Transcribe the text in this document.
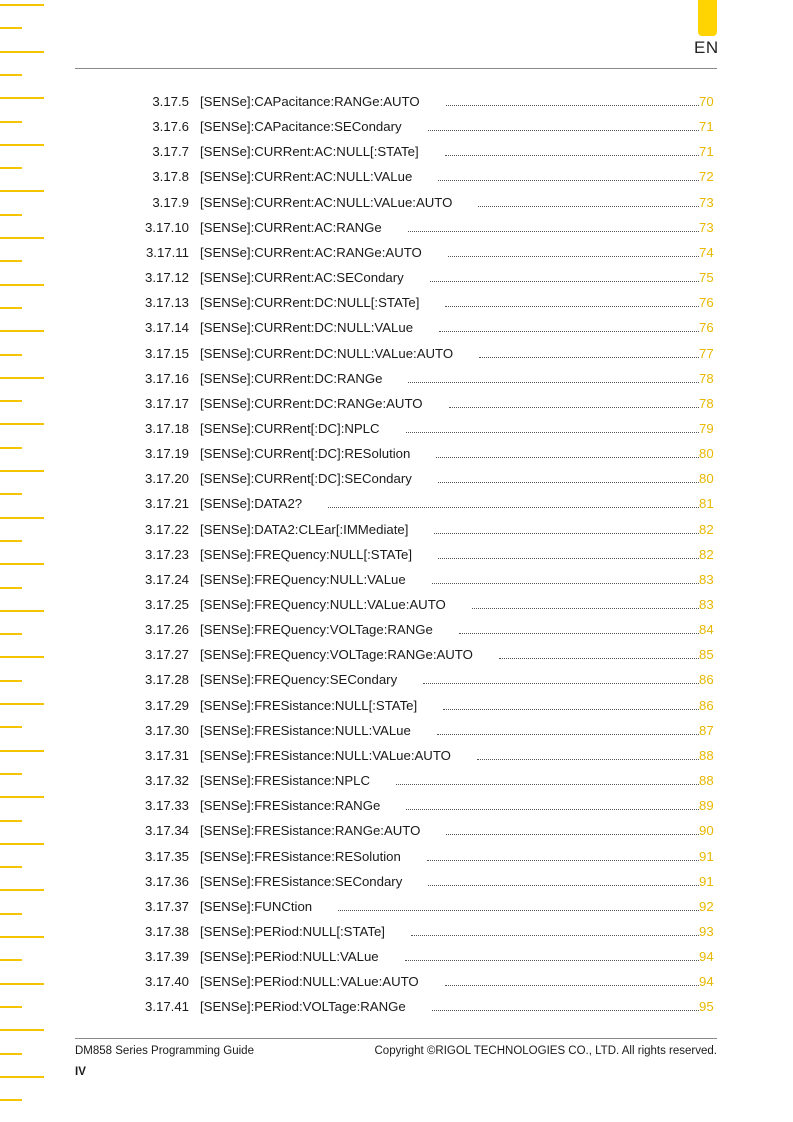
EN
3.17.5 [SENSe]:CAPacitance:RANGe:AUTO	70
3.17.6 [SENSe]:CAPacitance:SECondary	71
3.17.7 [SENSe]:CURRent:AC:NULL[:STATe]	71
3.17.8 [SENSe]:CURRent:AC:NULL:VALue	72
3.17.9 [SENSe]:CURRent:AC:NULL:VALue:AUTO	73
3.17.10 [SENSe]:CURRent:AC:RANGe	73
3.17.11 [SENSe]:CURRent:AC:RANGe:AUTO	74
3.17.12 [SENSe]:CURRent:AC:SECondary	75
3.17.13 [SENSe]:CURRent:DC:NULL[:STATe]	76
3.17.14 [SENSe]:CURRent:DC:NULL:VALue	76
3.17.15 [SENSe]:CURRent:DC:NULL:VALue:AUTO	77
3.17.16 [SENSe]:CURRent:DC:RANGe	78
3.17.17 [SENSe]:CURRent:DC:RANGe:AUTO	78
3.17.18 [SENSe]:CURRent[:DC]:NPLC	79
3.17.19 [SENSe]:CURRent[:DC]:RESolution	80
3.17.20 [SENSe]:CURRent[:DC]:SECondary	80
3.17.21 [SENSe]:DATA2?	81
3.17.22 [SENSe]:DATA2:CLEar[:IMMediate]	82
3.17.23 [SENSe]:FREQuency:NULL[:STATe]	82
3.17.24 [SENSe]:FREQuency:NULL:VALue	83
3.17.25 [SENSe]:FREQuency:NULL:VALue:AUTO	83
3.17.26 [SENSe]:FREQuency:VOLTage:RANGe	84
3.17.27 [SENSe]:FREQuency:VOLTage:RANGe:AUTO	85
3.17.28 [SENSe]:FREQuency:SECondary	86
3.17.29 [SENSe]:FRESistance:NULL[:STATe]	86
3.17.30 [SENSe]:FRESistance:NULL:VALue	87
3.17.31 [SENSe]:FRESistance:NULL:VALue:AUTO	88
3.17.32 [SENSe]:FRESistance:NPLC	88
3.17.33 [SENSe]:FRESistance:RANGe	89
3.17.34 [SENSe]:FRESistance:RANGe:AUTO	90
3.17.35 [SENSe]:FRESistance:RESolution	91
3.17.36 [SENSe]:FRESistance:SECondary	91
3.17.37 [SENSe]:FUNCtion	92
3.17.38 [SENSe]:PERiod:NULL[:STATe]	93
3.17.39 [SENSe]:PERiod:NULL:VALue	94
3.17.40 [SENSe]:PERiod:NULL:VALue:AUTO	94
3.17.41 [SENSe]:PERiod:VOLTage:RANGe	95
DM858 Series Programming Guide	Copyright ©RIGOL TECHNOLOGIES CO., LTD. All rights reserved.
IV
